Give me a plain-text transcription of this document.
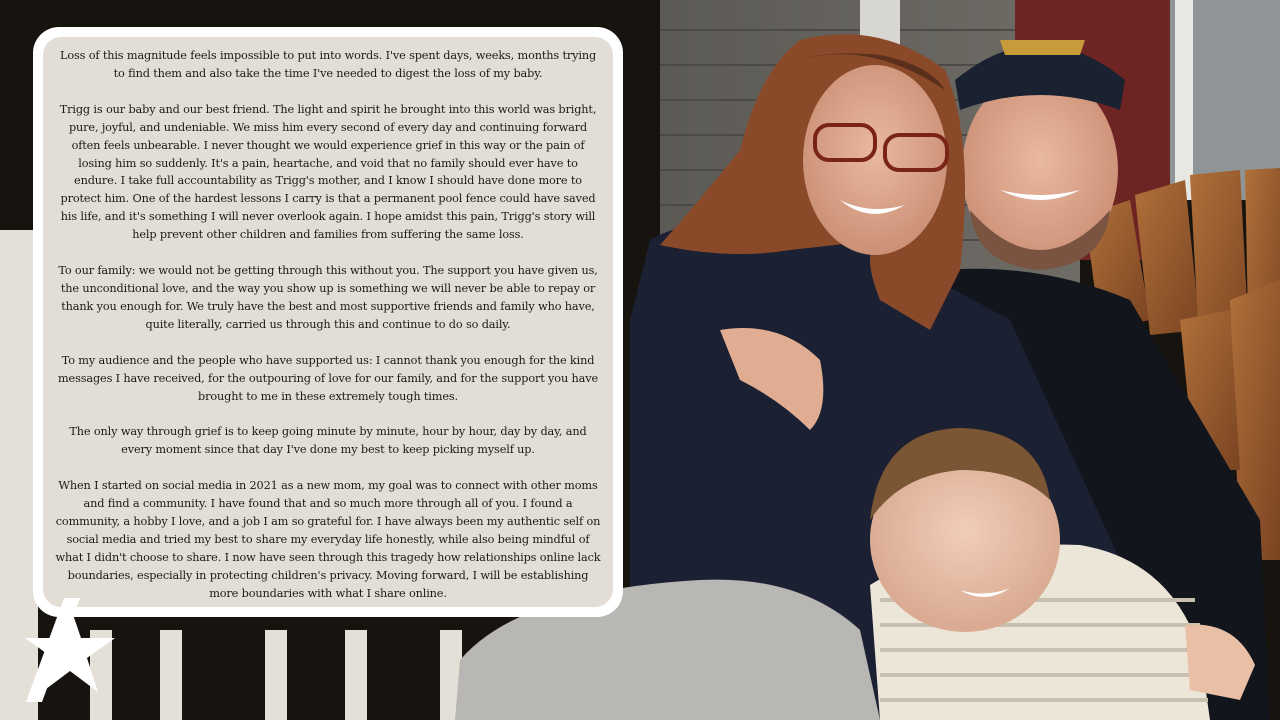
Loss of this magnitude feels impossible to put into words. I've spent days, weeks, months trying to find them and also take the time I've needed to digest the loss of my baby.

Trigg is our baby and our best friend. The light and spirit he brought into this world was bright, pure, joyful, and undeniable. We miss him every second of every day and continuing forward often feels unbearable. I never thought we would experience grief in this way or the pain of losing him so suddenly. It's a pain, heartache, and void that no family should ever have to endure. I take full accountability as Trigg's mother, and I know I should have done more to protect him. One of the hardest lessons I carry is that a permanent pool fence could have saved his life, and it's something I will never overlook again. I hope amidst this pain, Trigg's story will help prevent other children and families from suffering the same loss.

To our family: we would not be getting through this without you. The support you have given us, the unconditional love, and the way you show up is something we will never be able to repay or thank you enough for. We truly have the best and most supportive friends and family who have, quite literally, carried us through this and continue to do so daily.

To my audience and the people who have supported us: I cannot thank you enough for the kind messages I have received, for the outpouring of love for our family, and for the support you have brought to me in these extremely tough times.

The only way through grief is to keep going minute by minute, hour by hour, day by day, and every moment since that day I've done my best to keep picking myself up.

When I started on social media in 2021 as a new mom, my goal was to connect with other moms and find a community. I have found that and so much more through all of you. I found a community, a hobby I love, and a job I am so grateful for. I have always been my authentic self on social media and tried my best to share my everyday life honestly, while also being mindful of what I didn't choose to share. I now have seen through this tragedy how relationships online lack boundaries, especially in protecting children's privacy. Moving forward, I will be establishing more boundaries with what I share online.
